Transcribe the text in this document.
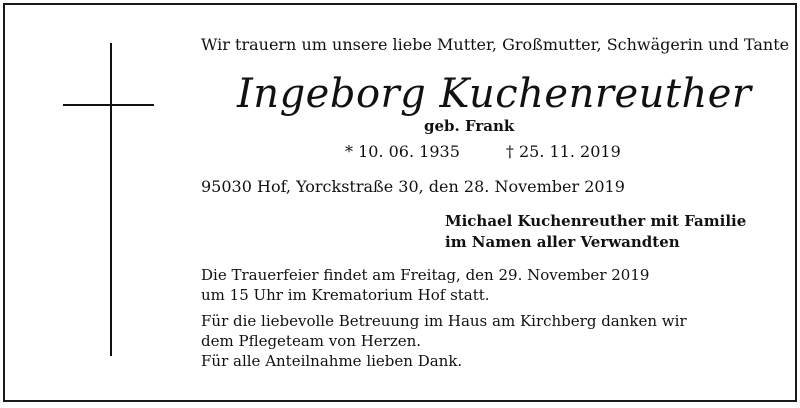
Wir trauern um unsere liebe Mutter, Großmutter, Schwägerin und Tante
Ingeborg Kuchenreuther
geb. Frank
* 10. 06. 1935	† 25. 11. 2019
95030 Hof, Yorckstraße 30, den 28. November 2019
Michael Kuchenreuther mit Familie
im Namen aller Verwandten
Die Trauerfeier findet am Freitag, den 29. November 2019
um 15 Uhr im Krematorium Hof statt.
Für die liebevolle Betreuung im Haus am Kirchberg danken wir
dem Pflegeteam von Herzen.
Für alle Anteilnahme lieben Dank.
